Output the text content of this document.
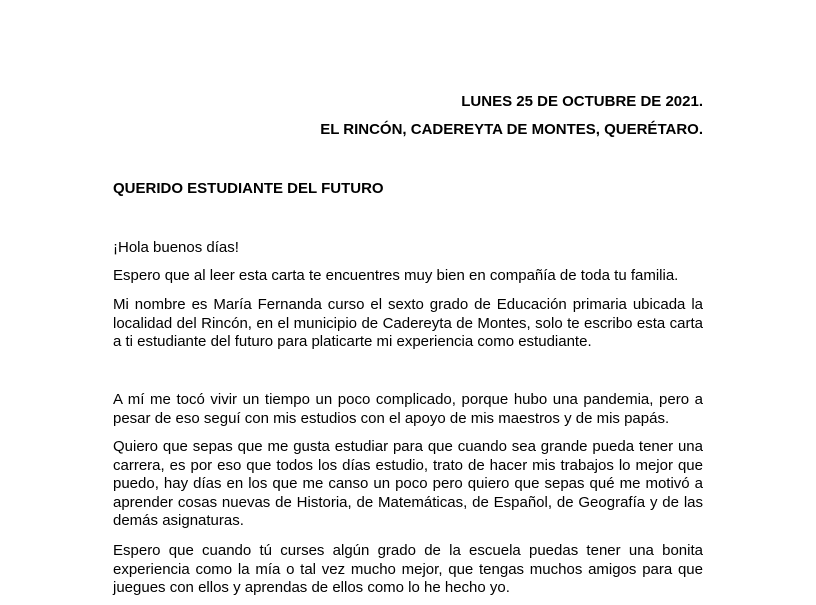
LUNES 25 DE OCTUBRE DE 2021.
EL RINCÓN, CADEREYTA DE MONTES, QUERÉTARO.
QUERIDO ESTUDIANTE DEL FUTURO

¡Hola buenos días!

Espero que al leer esta carta te encuentres muy bien en compañía de toda tu familia.

Mi nombre es María Fernanda curso el sexto grado de Educación primaria ubicada la localidad del Rincón, en el municipio de Cadereyta de Montes, solo te escribo esta carta a ti estudiante del futuro para platicarte mi experiencia como estudiante.

A mí me tocó vivir un tiempo un poco complicado, porque hubo una pandemia, pero a pesar de eso seguí con mis estudios con el apoyo de mis maestros y de mis papás.

Quiero que sepas que me gusta estudiar para que cuando sea grande pueda tener una carrera, es por eso que todos los días estudio, trato de hacer mis trabajos lo mejor que puedo, hay días en los que me canso un poco pero quiero que sepas qué me motivó a aprender cosas nuevas de Historia, de Matemáticas, de Español, de Geografía y de las demás asignaturas.

Espero que cuando tú curses algún grado de la escuela puedas tener una bonita experiencia como la mía o tal vez mucho mejor, que tengas muchos amigos para que juegues con ellos y aprendas de ellos como lo he hecho yo.
